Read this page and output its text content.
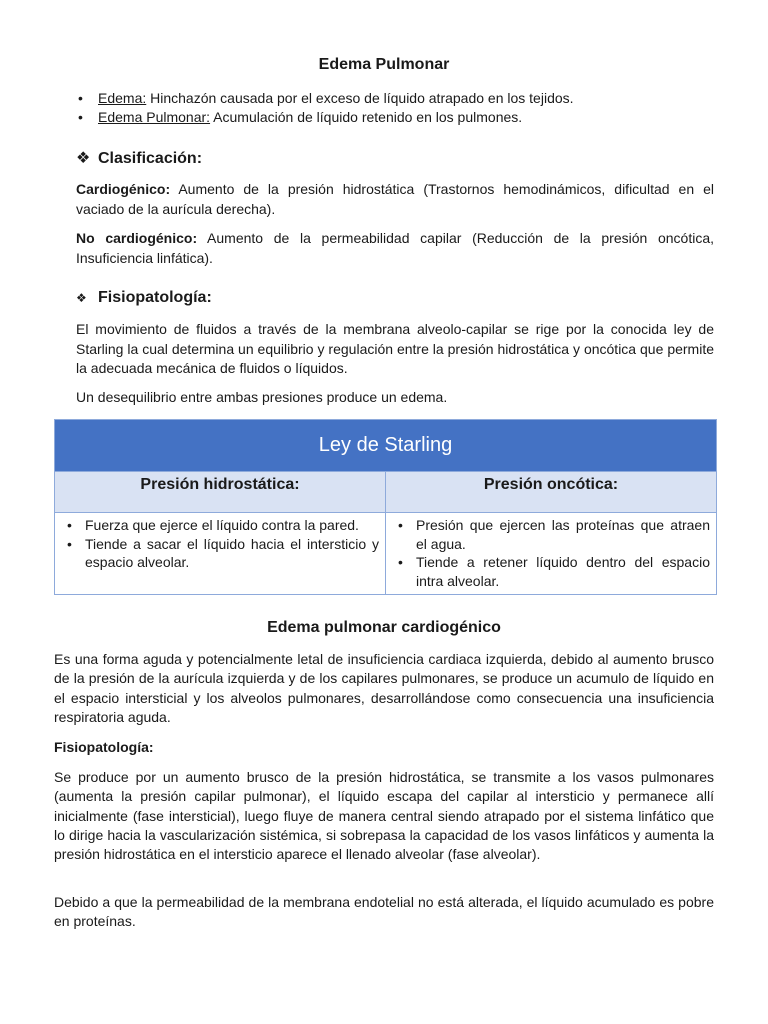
Edema Pulmonar
• Edema: Hinchazón causada por el exceso de líquido atrapado en los tejidos.
• Edema Pulmonar: Acumulación de líquido retenido en los pulmones.
❖ Clasificación:
Cardiogénico: Aumento de la presión hidrostática (Trastornos hemodinámicos, dificultad en el vaciado de la aurícula derecha).
No cardiogénico: Aumento de la permeabilidad capilar (Reducción de la presión oncótica, Insuficiencia linfática).
❖ Fisiopatología:
El movimiento de fluidos a través de la membrana alveolo-capilar se rige por la conocida ley de Starling la cual determina un equilibrio y regulación entre la presión hidrostática y oncótica que permite la adecuada mecánica de fluidos o líquidos.
Un desequilibrio entre ambas presiones produce un edema.
Ley de Starling
Presión hidrostática:	Presión oncótica:
• Fuerza que ejerce el líquido contra la pared.
• Tiende a sacar el líquido hacia el intersticio y espacio alveolar.
• Presión que ejercen las proteínas que atraen el agua.
• Tiende a retener líquido dentro del espacio intra alveolar.
Edema pulmonar cardiogénico
Es una forma aguda y potencialmente letal de insuficiencia cardiaca izquierda, debido al aumento brusco de la presión de la aurícula izquierda y de los capilares pulmonares, se produce un acumulo de líquido en el espacio intersticial y los alveolos pulmonares, desarrollándose como consecuencia una insuficiencia respiratoria aguda.
Fisiopatología:
Se produce por un aumento brusco de la presión hidrostática, se transmite a los vasos pulmonares (aumenta la presión capilar pulmonar), el líquido escapa del capilar al intersticio y permanece allí inicialmente (fase intersticial), luego fluye de manera central siendo atrapado por el sistema linfático que lo dirige hacia la vascularización sistémica, si sobrepasa la capacidad de los vasos linfáticos y aumenta la presión hidrostática en el intersticio aparece el llenado alveolar (fase alveolar).
Debido a que la permeabilidad de la membrana endotelial no está alterada, el líquido acumulado es pobre en proteínas.
